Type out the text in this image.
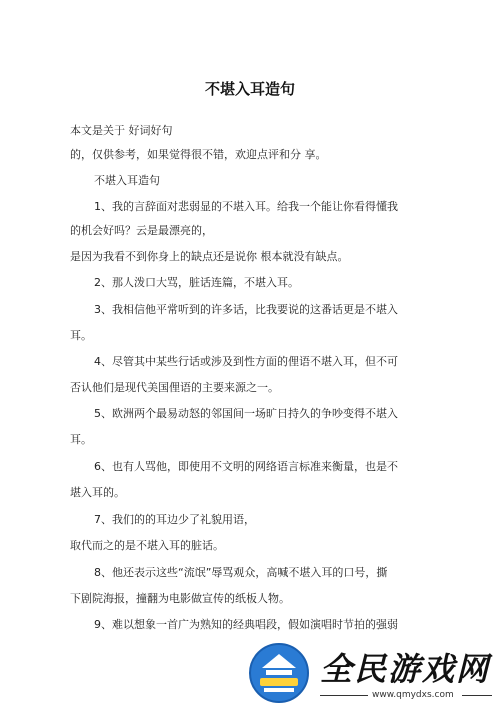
不堪入耳造句
本文是关于 好词好句
的，仅供参考，如果觉得很不错，欢迎点评和分 享。
不堪入耳造句
1、我的言辞面对悲弱显的不堪入耳。给我一个能让你看得懂我
的机会好吗？云是最漂亮的，
是因为我看不到你身上的缺点还是说你 根本就没有缺点。
2、那人泼口大骂，脏话连篇，不堪入耳。
3、我相信他平常听到的许多话，比我要说的这番话更是不堪入
耳。
4、尽管其中某些行话或涉及到性方面的俚语不堪入耳，但不可
否认他们是现代美国俚语的主要来源之一。
5、欧洲两个最易动怒的邻国间一场旷日持久的争吵变得不堪入
耳。
6、也有人骂他，即使用不文明的网络语言标准来衡量，也是不
堪入耳的。
7、我们的的耳边少了礼貌用语，
取代而之的是不堪入耳的脏话。
8、他还表示这些“流氓”辱骂观众，高喊不堪入耳的口号，撕
下剧院海报，撞翻为电影做宣传的纸板人物。
9、难以想象一首广为熟知的经典唱段，假如演唱时节拍的强弱
全民游戏网
www.qmydxs.com
